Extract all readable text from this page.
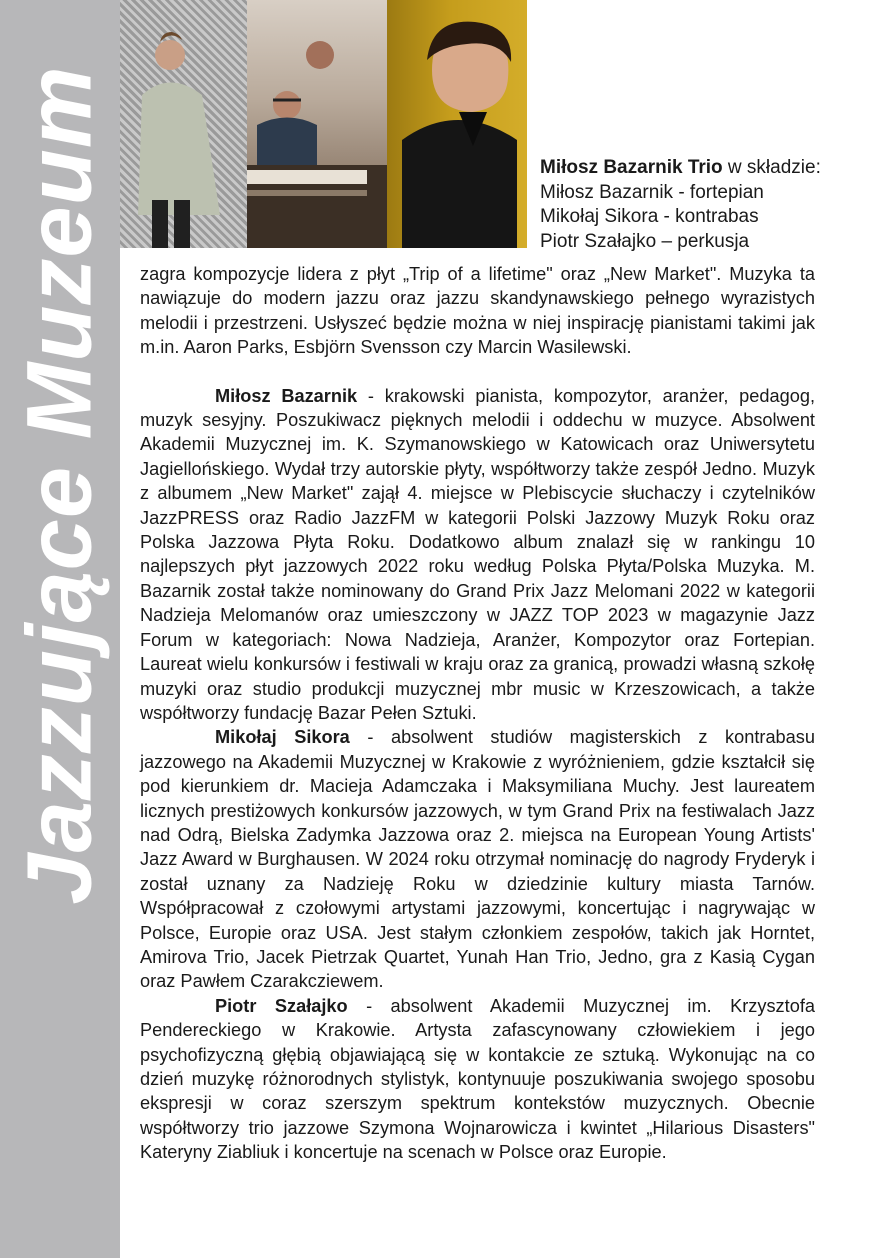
Jazzujące Muzeum	Miłosz Bazarnik Trio w składzie:
Miłosz Bazarnik - fortepian
Mikołaj Sikora - kontrabas
Piotr Szałajko – perkusja

zagra kompozycje lidera z płyt „Trip of a lifetime" oraz „New Market". Muzyka ta nawiązuje do modern jazzu oraz jazzu skandynawskiego pełnego wyrazistych melodii i przestrzeni. Usłyszeć będzie można w niej inspirację pianistami takimi jak m.in. Aaron Parks, Esbjörn Svensson czy Marcin Wasilewski.

Miłosz Bazarnik - krakowski pianista, kompozytor, aranżer, pedagog, muzyk sesyjny. Poszukiwacz pięknych melodii i oddechu w muzyce. Absolwent Akademii Muzycznej im. K. Szymanowskiego w Katowicach oraz Uniwersytetu Jagiellońskiego. Wydał trzy autorskie płyty, współtworzy także zespół Jedno. Muzyk z albumem „New Market" zajął 4. miejsce w Plebiscycie słuchaczy i czytelników JazzPRESS oraz Radio JazzFM w kategorii Polski Jazzowy Muzyk Roku oraz Polska Jazzowa Płyta Roku. Dodatkowo album znalazł się w rankingu 10 najlepszych płyt jazzowych 2022 roku według Polska Płyta/Polska Muzyka. M. Bazarnik został także nominowany do Grand Prix Jazz Melomani 2022 w kategorii Nadzieja Melomanów oraz umieszczony w JAZZ TOP 2023 w magazynie Jazz Forum w kategoriach: Nowa Nadzieja, Aranżer, Kompozytor oraz Fortepian. Laureat wielu konkursów i festiwali w kraju oraz za granicą, prowadzi własną szkołę muzyki oraz studio produkcji muzycznej mbr music w Krzeszowicach, a także współtworzy fundację Bazar Pełen Sztuki.

Mikołaj Sikora - absolwent studiów magisterskich z kontrabasu jazzowego na Akademii Muzycznej w Krakowie z wyróżnieniem, gdzie kształcił się pod kierunkiem dr. Macieja Adamczaka i Maksymiliana Muchy. Jest laureatem licznych prestiżowych konkursów jazzowych, w tym Grand Prix na festiwalach Jazz nad Odrą, Bielska Zadymka Jazzowa oraz 2. miejsca na European Young Artists' Jazz Award w Burghausen. W 2024 roku otrzymał nominację do nagrody Fryderyk i został uznany za Nadzieję Roku w dziedzinie kultury miasta Tarnów. Współpracował z czołowymi artystami jazzowymi, koncertując i nagrywając w Polsce, Europie oraz USA. Jest stałym członkiem zespołów, takich jak Horntet, Amirova Trio, Jacek Pietrzak Quartet, Yunah Han Trio, Jedno, gra z Kasią Cygan oraz Pawłem Czarakcziewem.

Piotr Szałajko - absolwent Akademii Muzycznej im. Krzysztofa Pendereckiego w Krakowie. Artysta zafascynowany człowiekiem i jego psychofizyczną głębią objawiającą się w kontakcie ze sztuką. Wykonując na co dzień muzykę różnorodnych stylistyk, kontynuuje poszukiwania swojego sposobu ekspresji w coraz szerszym spektrum kontekstów muzycznych. Obecnie współtworzy trio jazzowe Szymona Wojnarowicza i kwintet „Hilarious Disasters" Kateryny Ziabliuk i koncertuje na scenach w Polsce oraz Europie.
